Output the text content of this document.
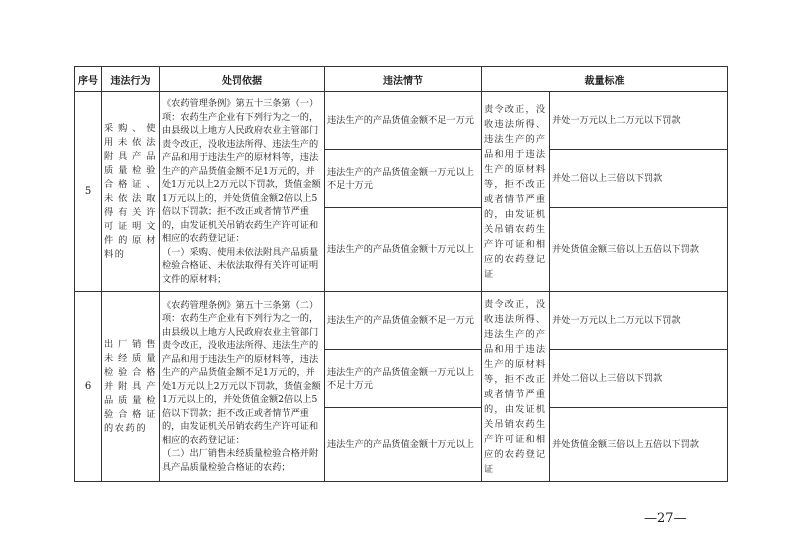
序号	违法行为	处罚依据	违法情节	裁量标准	
5	采购、使用未依法附具产品质量检验合格证、未依法取得有关许可证明文件的原材料的	《农药管理条例》第五十三条第（一）项：农药生产企业有下列行为之一的，由县级以上地方人民政府农业主管部门责令改正，没收违法所得、违法生产的产品和用于违法生产的原材料等，违法生产的产品货值金额不足1万元的，并处1万元以上2万元以下罚款，货值金额1万元以上的，并处货值金额2倍以上5倍以下罚款；拒不改正或者情节严重的，由发证机关吊销农药生产许可证和相应的农药登记证：
（一）采购、使用未依法附具产品质量检验合格证、未依法取得有关许可证明文件的原材料；	违法生产的产品货值金额不足一万元	责令改正，没收违法所得、违法生产的产品和用于违法生产的原材料等，拒不改正或者情节严重的，由发证机关吊销农药生产许可证和相应的农药登记证	并处一万元以上二万元以下罚款
			违法生产的产品货值金额一万元以上不足十万元		并处二倍以上三倍以下罚款
			违法生产的产品货值金额十万元以上		并处货值金额三倍以上五倍以下罚款
6	出厂销售未经质量检验合格并附具产品质量检验合格证的农药的	《农药管理条例》第五十三条第（二）项：农药生产企业有下列行为之一的，由县级以上地方人民政府农业主管部门责令改正，没收违法所得、违法生产的产品和用于违法生产的原材料等，违法生产的产品货值金额不足1万元的，并处1万元以上2万元以下罚款，货值金额1万元以上的，并处货值金额2倍以上5倍以下罚款；拒不改正或者情节严重的，由发证机关吊销农药生产许可证和相应的农药登记证：
（二）出厂销售未经质量检验合格并附具产品质量检验合格证的农药；	违法生产的产品货值金额不足一万元	责令改正，没收违法所得、违法生产的产品和用于违法生产的原材料等，拒不改正或者情节严重的，由发证机关吊销农药生产许可证和相应的农药登记证	并处一万元以上二万元以下罚款
			违法生产的产品货值金额一万元以上不足十万元		并处二倍以上三倍以下罚款
			违法生产的产品货值金额十万元以上		并处货值金额三倍以上五倍以下罚款
—27—
